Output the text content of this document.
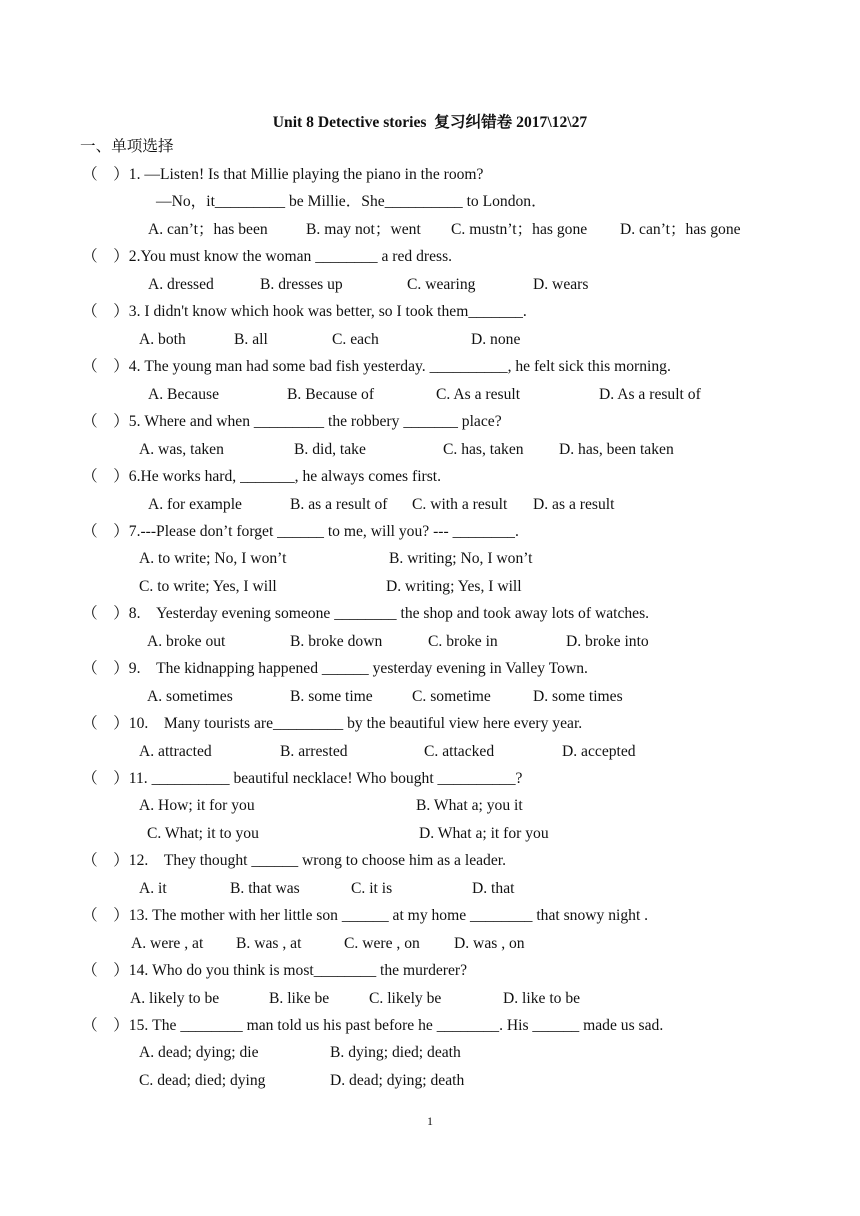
Unit 8 Detective stories  复习纠错卷 2017\12\27
一、单项选择
（    ）1. —Listen! Is that Millie playing the piano in the room?
—No，it_________ be Millie．She__________ to London．
A. can’t；has been B. may not；went C. mustn’t；has gone D. can’t；has gone
（    ）2.You must know the woman ________ a red dress.
A. dressed	B. dresses up	C. wearing	D. wears
（    ）3. I didn't know which hook was better, so I took them_______.
A. both	B. all	C. each	D. none
（    ）4. The young man had some bad fish yesterday. __________, he felt sick this morning.
A. Because	B. Because of	C. As a result	D. As a result of
（    ）5. Where and when _________ the robbery _______ place?
A. was, taken	B. did, take	C. has, taken D. has, been taken
（    ）6.He works hard, _______, he always comes first.
A. for example	B. as a result of C. with a result D. as a result
（    ）7.---Please don’t forget ______ to me, will you? --- ________.
A. to write; No, I won’t	B. writing; No, I won’t
C. to write; Yes, I will	D. writing; Yes, I will
（    ）8.    Yesterday evening someone ________ the shop and took away lots of watches.
A. broke out	B. broke down	C. broke in	D. broke into
（    ）9.    The kidnapping happened ______ yesterday evening in Valley Town.
A. sometimes	B. some time	C. sometime	D. some times
（    ）10.    Many tourists are_________ by the beautiful view here every year.
A. attracted	B. arrested	C. attacked	D. accepted
（    ）11. __________ beautiful necklace! Who bought __________?
A. How; it for you	B. What a; you it
C. What; it to you	D. What a; it for you
（    ）12.    They thought ______ wrong to choose him as a leader.
A. it	B. that was	C. it is	D. that
（    ）13. The mother with her little son ______ at my home ________ that snowy night .
A. were , at B. was , at	C. were , on D. was , on
（    ）14. Who do you think is most________ the murderer?
A. likely to be	B. like be	C. likely be	D. like to be
（    ）15. The ________ man told us his past before he ________. His ______ made us sad.
A. dead; dying; die	B. dying; died; death
C. dead; died; dying	D. dead; dying; death
1
